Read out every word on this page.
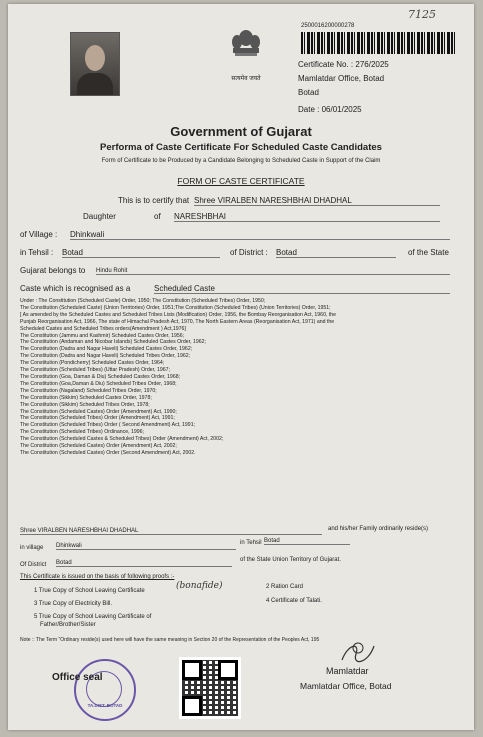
7125
2500016200000278
सत्यमेव जयते
Certificate No. : 276/2025
Mamlatdar Office, Botad
Botad
Date : 06/01/2025
Government of Gujarat
Performa of Caste Certificate For Scheduled Caste Candidates
Form of Certificate to be Produced by a Candidate Belonging to Scheduled Caste in Support of the Claim
FORM OF CASTE CERTIFICATE
This is to certify that Shree VIRALBEN NARESHBHAI DHADHAL
Daughter	of NARESHBHAI
of Village : Dhinkwali
in Tehsil : Botad	of District : Botad	of the State
Gujarat belongs to Hindu Rohit
Caste which is recognised as a	Scheduled Caste
Under : The Constitution (Scheduled Caste) Order, 1950; The Constitution (Scheduled Tribes) Order, 1950;
The Constitution (Scheduled Caste) (Union Territories) Order, 1951;The Constitution (Scheduled Tribes) (Union Territories) Order, 1951;
[ As amended by the Scheduled Castes and Scheduled Tribes Lists (Modification) Order, 1956, the Bombay Reorganisation Act, 1960, the
Punjab Reorganisation Act, 1966, The state of Himachal Pradesh Act, 1970, The North Eastern Areas (Reorganisation Act, 1971) and the
Scheduled Castes and Scheduled Tribes orders(Amendment ) Act,1976]
The Constitution (Jammu and Kashmir) Scheduled Castes Order, 1956;
The Constitution (Andaman and Nicobar Islands) Scheduled Castes Order, 1962;
The Constitution (Dadra and Nagar Haveli) Scheduled Castes Order, 1962;
The Constitution (Dadra and Nagar Haveli) Scheduled Tribes Order, 1962;
The Constitution (Pondicherry) Scheduled Castes Order, 1964;
The Constitution (Scheduled Tribes) (Uttar Pradesh) Order, 1967;
The Constitution (Goa, Daman & Diu) Scheduled Castes Order, 1968;
The Constitution (Goa,Daman & Diu) Scheduled Tribes Order, 1968;
The Constitution (Nagaland) Scheduled Tribes Order, 1970;
The Constitution (Sikkim) Scheduled Castes Order, 1978;
The Constitution (Sikkim) Scheduled Tribes Order, 1978;
The Constitution (Scheduled Castes) Order (Amendment) Act, 1990;
The Constitution (Scheduled Tribes) Order (Amendment) Act, 1991;
The Constitution (Scheduled Tribes) Order ( Second Amendment) Act, 1991;
The Constitution (Scheduled Tribes) Ordinance, 1996;
The Constitution (Scheduled Castes & Scheduled Tribes) Order (Amendment) Act, 2002;
The Constitution (Scheduled Castes) Order (Amendment) Act, 2002;
The Constitution (Scheduled Castes) Order (Second Amendment) Act, 2002.
Shree VIRALBEN NARESHBHAI DHADHAL	and his/her Family ordinarily reside(s)
in village Dhinkwali	in Tehsil Botad
Of District Botad	of the State Union Territory of Gujarat.
This Certificate is issued on the basis of following proofs :-
1 True Copy of School Leaving Certificate	(bonafide)
3 True Copy of Electricity Bill.
5 True Copy of School Leaving Certificate of
Father/Brother/Sister
2 Ration Card
4 Certificate of Talati.
Note :: The Term "Ordinary reside(s) used here will have the same meaning in Section 20 of the Representation of the Peoples Act, 195
TA.DIST. BOTAD
Office seal
Mamlatdar
Mamlatdar Office, Botad
